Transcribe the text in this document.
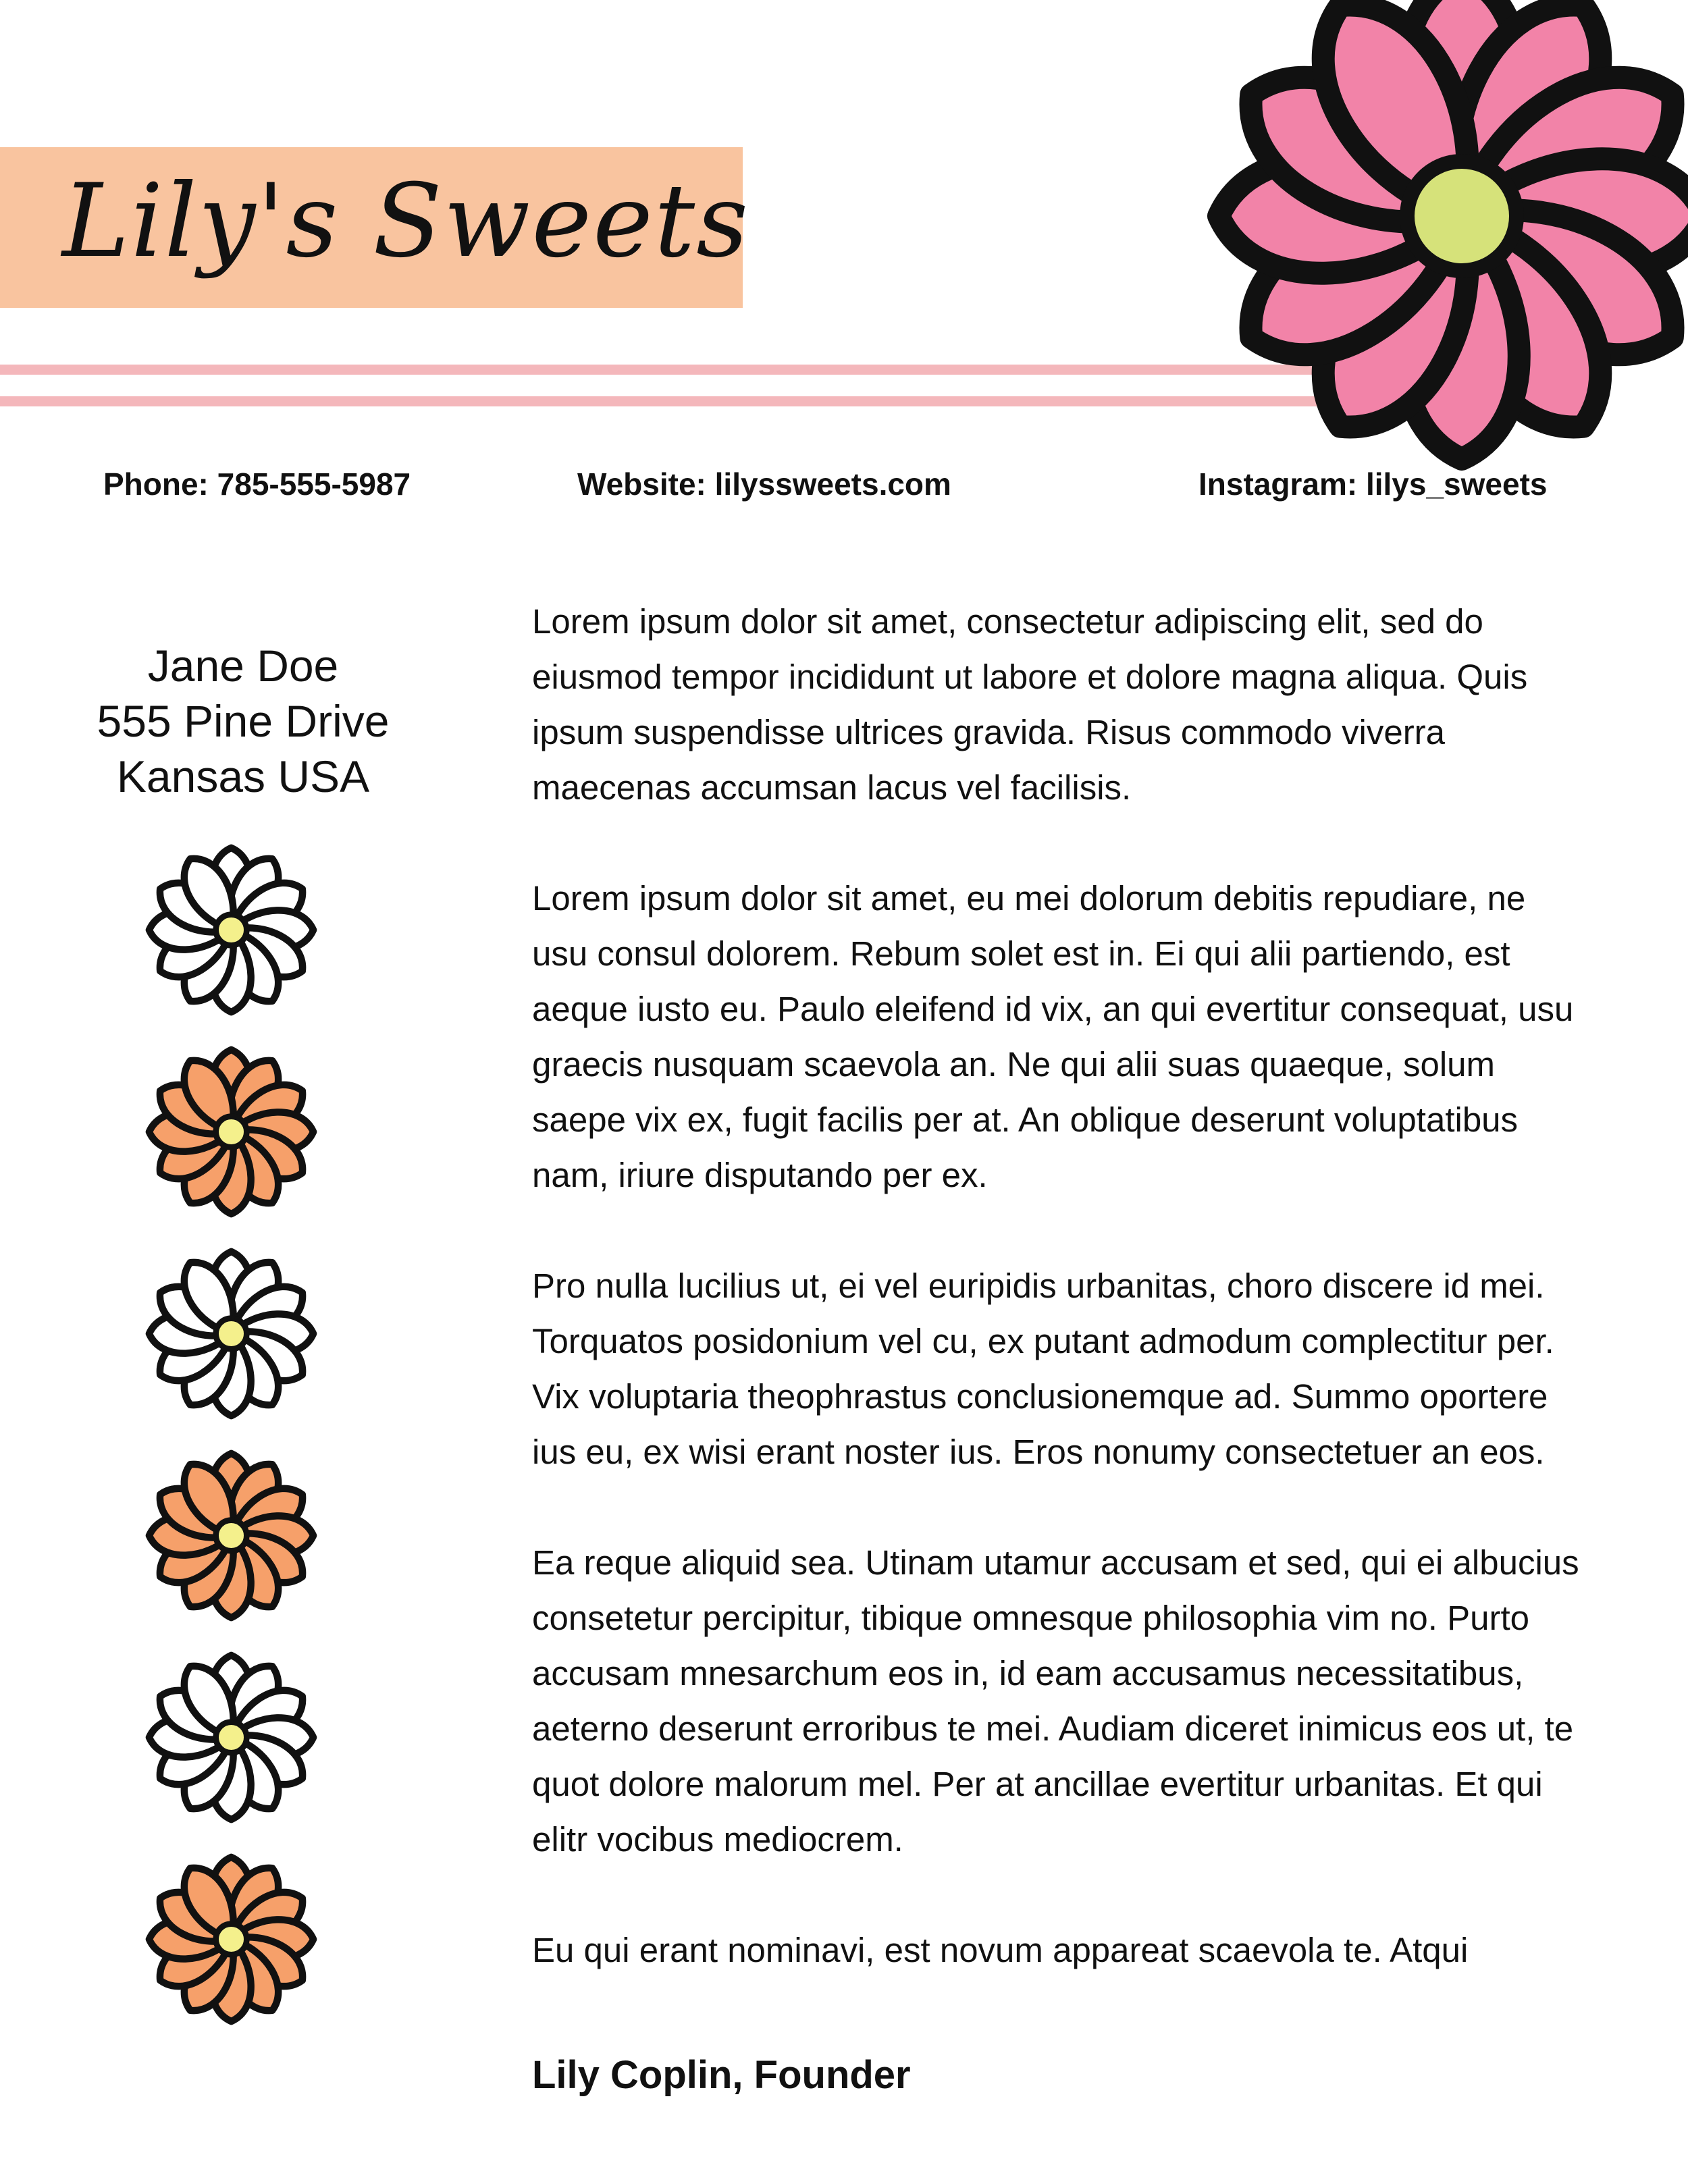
Lily's Sweets
Phone: 785-555-5987	Website: lilyssweets.com	Instagram: lilys_sweets
Jane Doe
555 Pine Drive
Kansas USA

Lorem ipsum dolor sit amet, consectetur adipiscing elit, sed do eiusmod tempor incididunt ut labore et dolore magna aliqua. Quis ipsum suspendisse ultrices gravida. Risus commodo viverra maecenas accumsan lacus vel facilisis.

Lorem ipsum dolor sit amet, eu mei dolorum debitis repudiare, ne usu consul dolorem. Rebum solet est in. Ei qui alii partiendo, est aeque iusto eu. Paulo eleifend id vix, an qui evertitur consequat, usu graecis nusquam scaevola an. Ne qui alii suas quaeque, solum saepe vix ex, fugit facilis per at. An oblique deserunt voluptatibus nam, iriure disputando per ex.

Pro nulla lucilius ut, ei vel euripidis urbanitas, choro discere id mei. Torquatos posidonium vel cu, ex putant admodum complectitur per. Vix voluptaria theophrastus conclusionemque ad. Summo oportere ius eu, ex wisi erant noster ius. Eros nonumy consectetuer an eos.

Ea reque aliquid sea. Utinam utamur accusam et sed, qui ei albucius consetetur percipitur, tibique omnesque philosophia vim no. Purto accusam mnesarchum eos in, id eam accusamus necessitatibus, aeterno deserunt erroribus te mei. Audiam diceret inimicus eos ut, te quot dolore malorum mel. Per at ancillae evertitur urbanitas. Et qui elitr vocibus mediocrem.

Eu qui erant nominavi, est novum appareat scaevola te. Atqui

Lily Coplin, Founder
